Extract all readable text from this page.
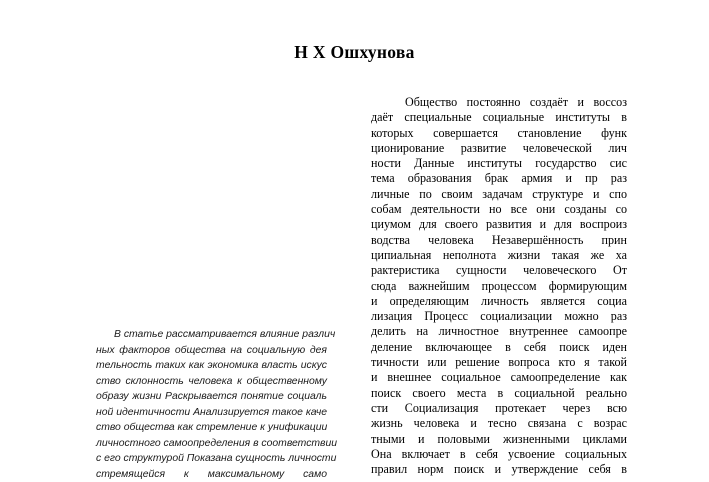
Н Х Ошхунова
В статье рассматривается влияние различ
ных факторов общества на социальную дея
тельность таких как экономика власть искус
ство склонность человека к общественному
образу жизни Раскрывается понятие социаль
ной идентичности Анализируется такое каче
ство общества как стремление к унификации
личностного самоопределения в соответствии
с его структурой Показана сущность личности
стремящейся к максимальному само
Общество постоянно создаёт и воссоз
даёт специальные социальные институты в
которых совершается становление функ
ционирование развитие человеческой лич
ности Данные институты государство сис
тема образования брак армия и пр раз
личные по своим задачам структуре и спо
собам деятельности но все они созданы со
циумом для своего развития и для воспроиз
водства человека Незавершённость прин
ципиальная неполнота жизни такая же ха
рактеристика сущности человеческого От
сюда важнейшим процессом формирующим
и определяющим личность является социа
лизация Процесс социализации можно раз
делить на личностное внутреннее самоопре
деление включающее в себя поиск иден
тичности или решение вопроса кто я такой
и внешнее социальное самоопределение как
поиск своего места в социальной реально
сти Социализация протекает через всю
жизнь человека и тесно связана с возрас
тными и половыми жизненными циклами
Она включает в себя усвоение социальных
правил норм поиск и утверждение себя в
